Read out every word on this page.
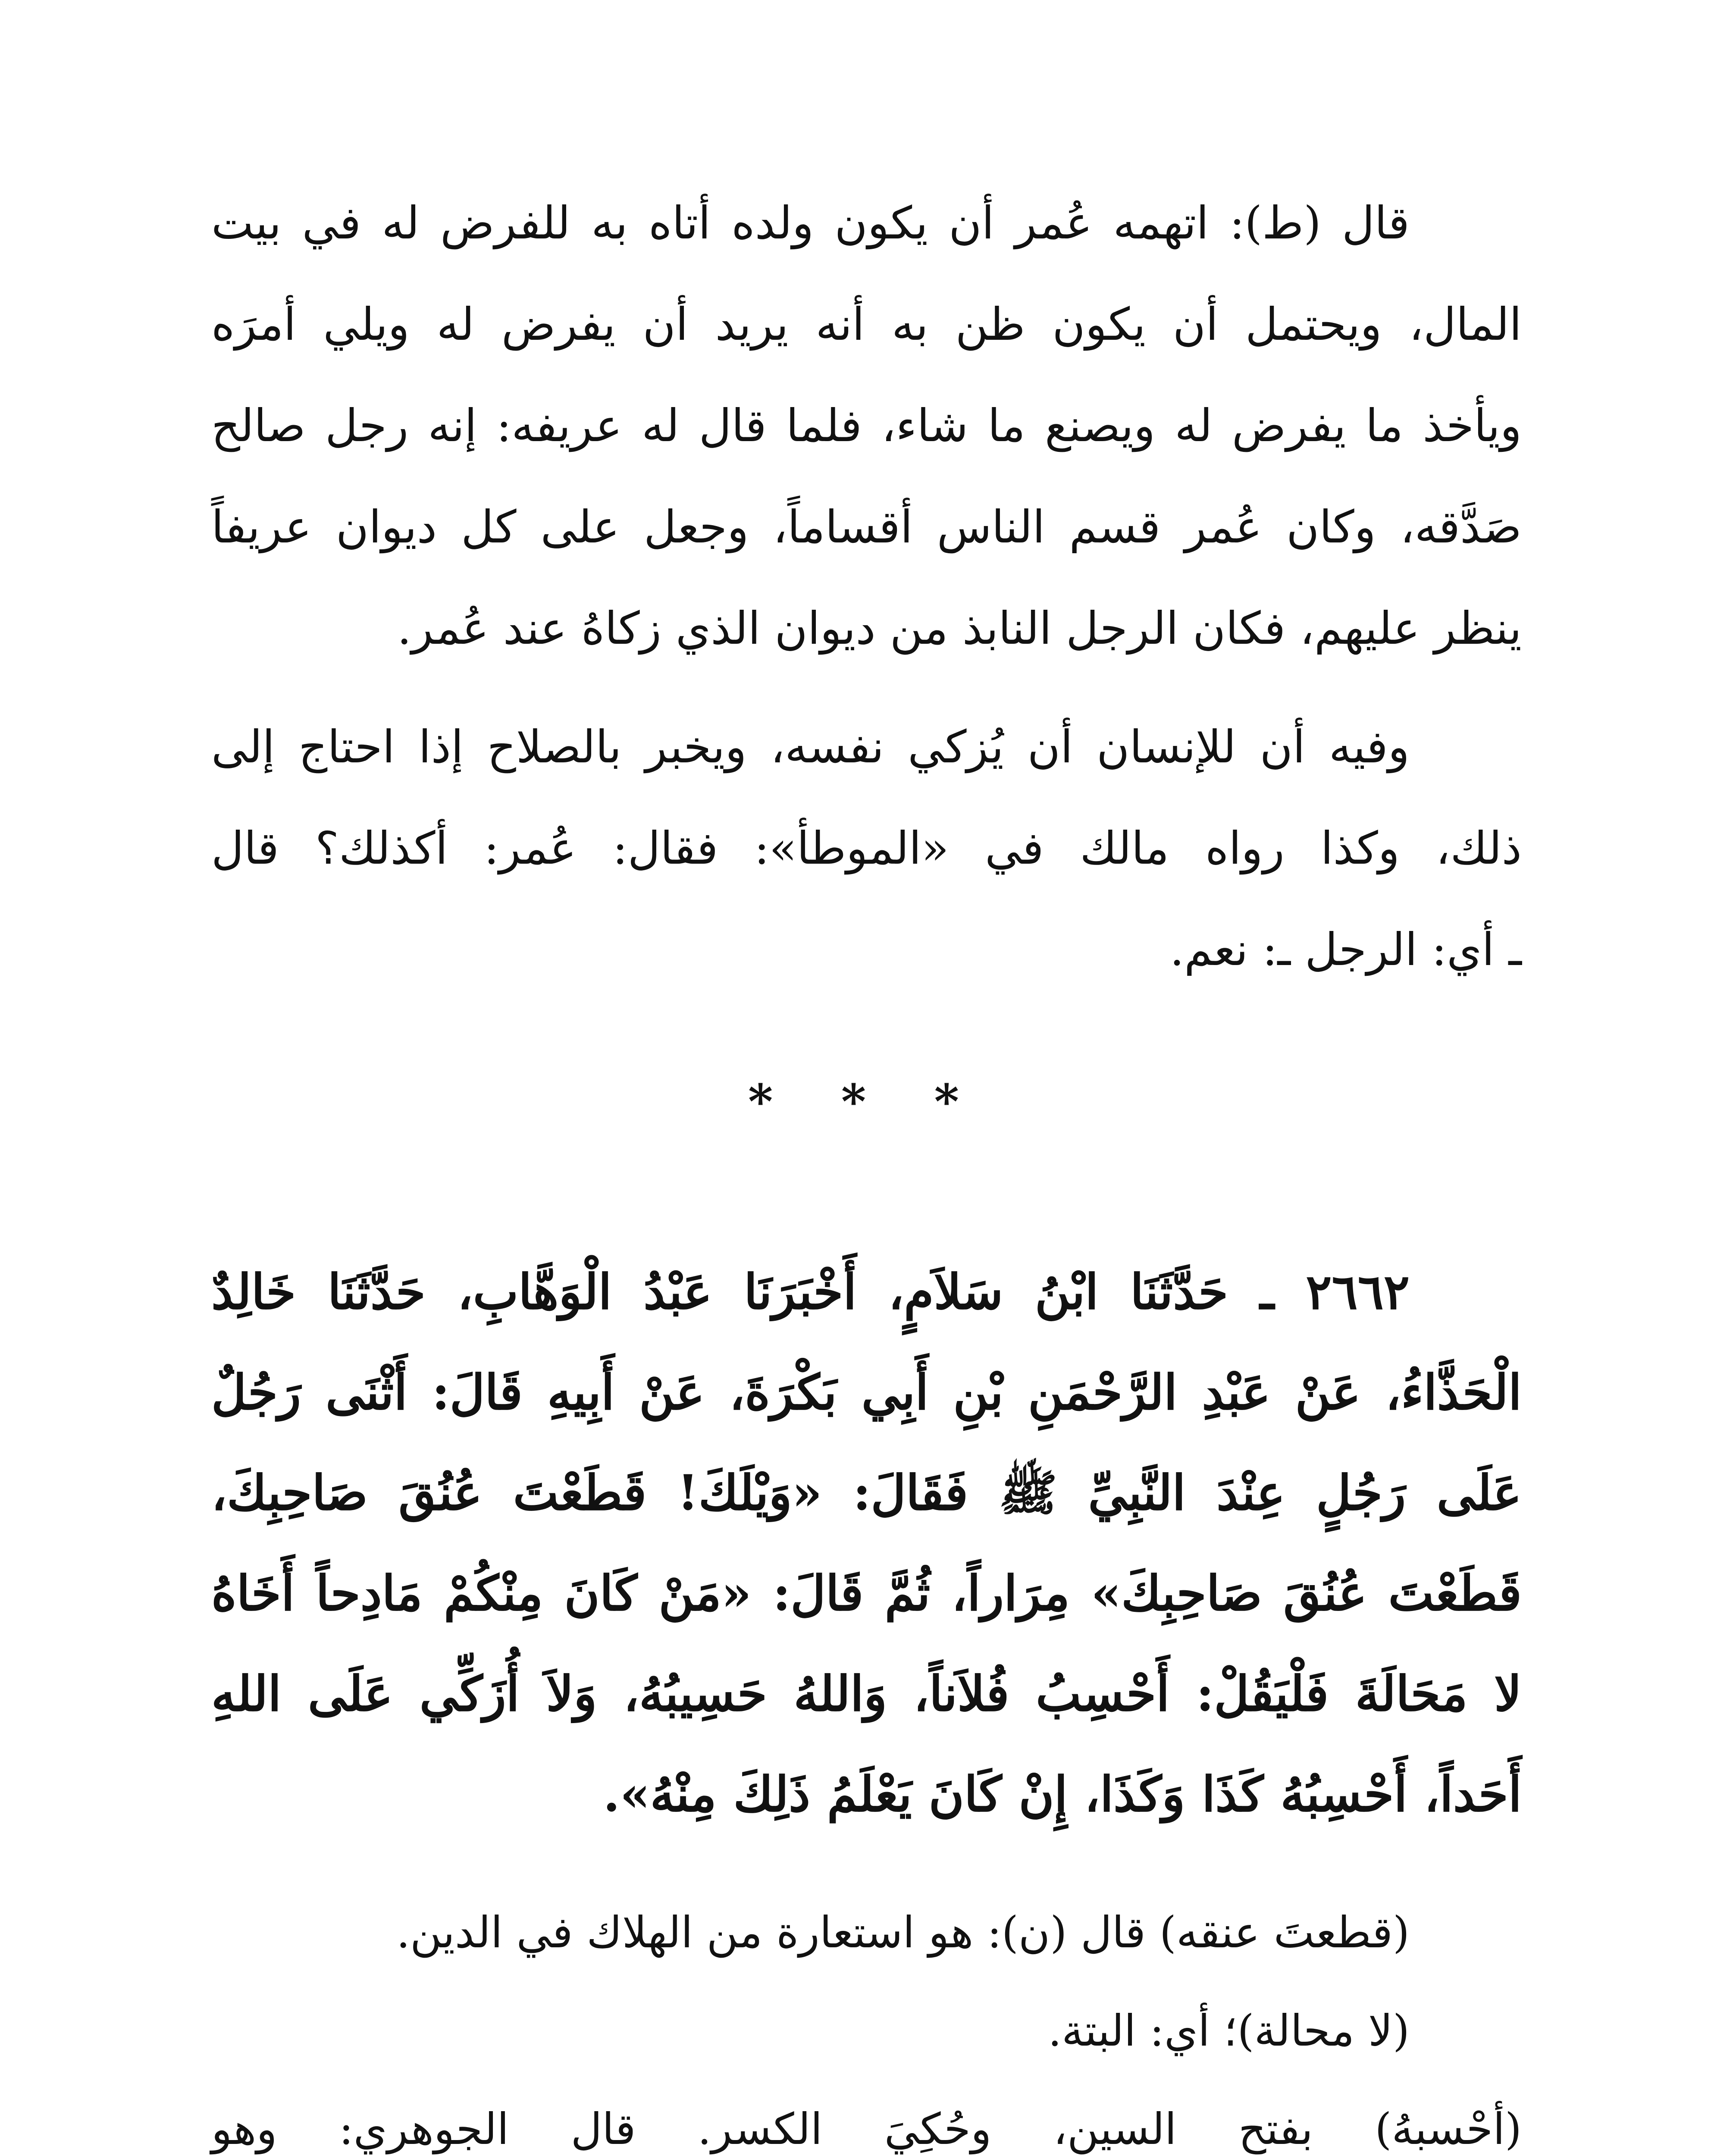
قال (ط): اتهمه عُمر أن يكون ولده أتاه به للفرض له في بيت
المال، ويحتمل أن يكون ظن به أنه يريد أن يفرض له ويلي أمرَه
ويأخذ ما يفرض له ويصنع ما شاء، فلما قال له عريفه: إنه رجل صالح
صَدَّقه، وكان عُمر قسم الناس أقساماً، وجعل على كل ديوان عريفاً
ينظر عليهم، فكان الرجل النابذ من ديوان الذي زكاهُ عند عُمر.
وفيه أن للإنسان أن يُزكي نفسه، ويخبر بالصلاح إذا احتاج إلى
ذلك، وكذا رواه مالك في «الموطأ»: فقال: عُمر: أكذلك؟ قال
ـ أي: الرجل ـ: نعم.
* * *
٢٦٦٢ ـ حَدَّثَنَا ابْنُ سَلاَمٍ، أَخْبَرَنَا عَبْدُ الْوَهَّابِ، حَدَّثَنَا خَالِدٌ
الْحَذَّاءُ، عَنْ عَبْدِ الرَّحْمَنِ بْنِ أَبِي بَكْرَةَ، عَنْ أَبِيهِ قَالَ: أَثْنَى رَجُلٌ
عَلَى رَجُلٍ عِنْدَ النَّبِيِّ ﷺ فَقَالَ: «وَيْلَكَ! قَطَعْتَ عُنُقَ صَاحِبِكَ،
قَطَعْتَ عُنُقَ صَاحِبِكَ» مِرَاراً، ثُمَّ قَالَ: «مَنْ كَانَ مِنْكُمْ مَادِحاً أَخَاهُ
لا مَحَالَةَ فَلْيَقُلْ: أَحْسِبُ فُلاَناً، وَاللهُ حَسِيبُهُ، وَلاَ أُزَكِّي عَلَى اللهِ
أَحَداً، أَحْسِبُهُ كَذَا وَكَذَا، إِنْ كَانَ يَعْلَمُ ذَلِكَ مِنْهُ».
(قطعتَ عنقه) قال (ن): هو استعارة من الهلاك في الدين.
(لا محالة)؛ أي: البتة.
(أحْسبهُ) بفتح السين، وحُكِيَ الكسر. قال الجوهري: وهو
